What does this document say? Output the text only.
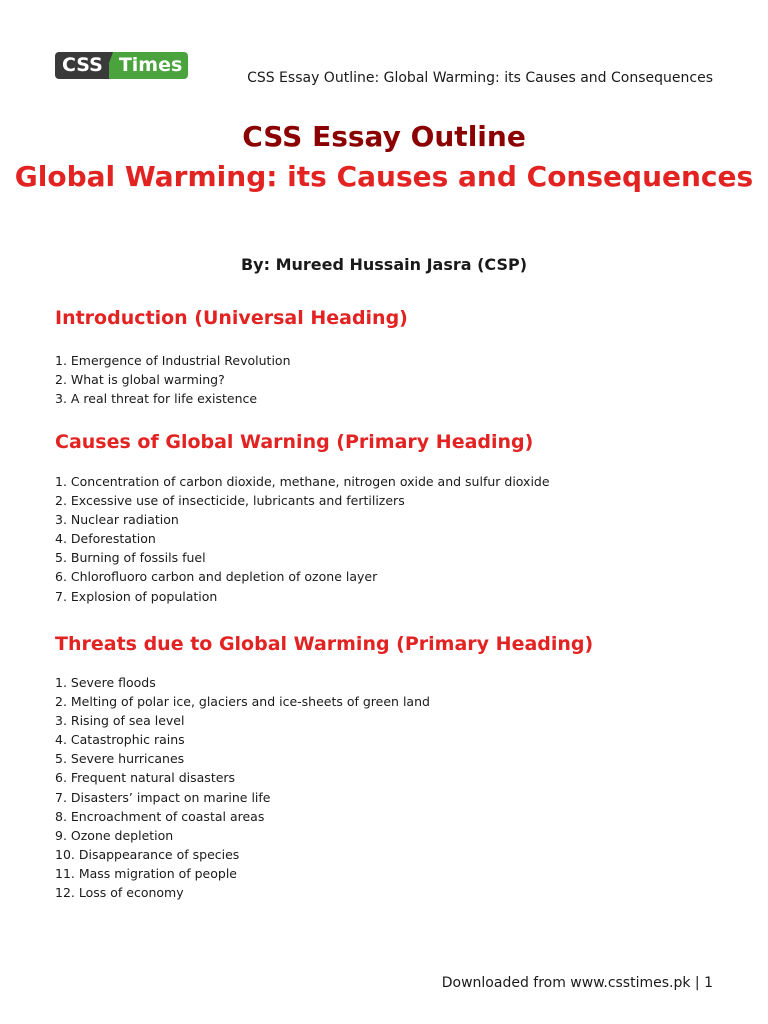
CSS Times
CSS Essay Outline: Global Warming: its Causes and Consequences
CSS Essay Outline
Global Warming: its Causes and Consequences
By: Mureed Hussain Jasra (CSP)
Introduction (Universal Heading)
1. Emergence of Industrial Revolution
2. What is global warming?
3. A real threat for life existence
Causes of Global Warning (Primary Heading)
1. Concentration of carbon dioxide, methane, nitrogen oxide and sulfur dioxide
2. Excessive use of insecticide, lubricants and fertilizers
3. Nuclear radiation
4. Deforestation
5. Burning of fossils fuel
6. Chlorofluoro carbon and depletion of ozone layer
7. Explosion of population
Threats due to Global Warming (Primary Heading)
1. Severe floods
2. Melting of polar ice, glaciers and ice-sheets of green land
3. Rising of sea level
4. Catastrophic rains
5. Severe hurricanes
6. Frequent natural disasters
7. Disasters’ impact on marine life
8. Encroachment of coastal areas
9. Ozone depletion
10. Disappearance of species
11. Mass migration of people
12. Loss of economy
Downloaded from www.csstimes.pk | 1
